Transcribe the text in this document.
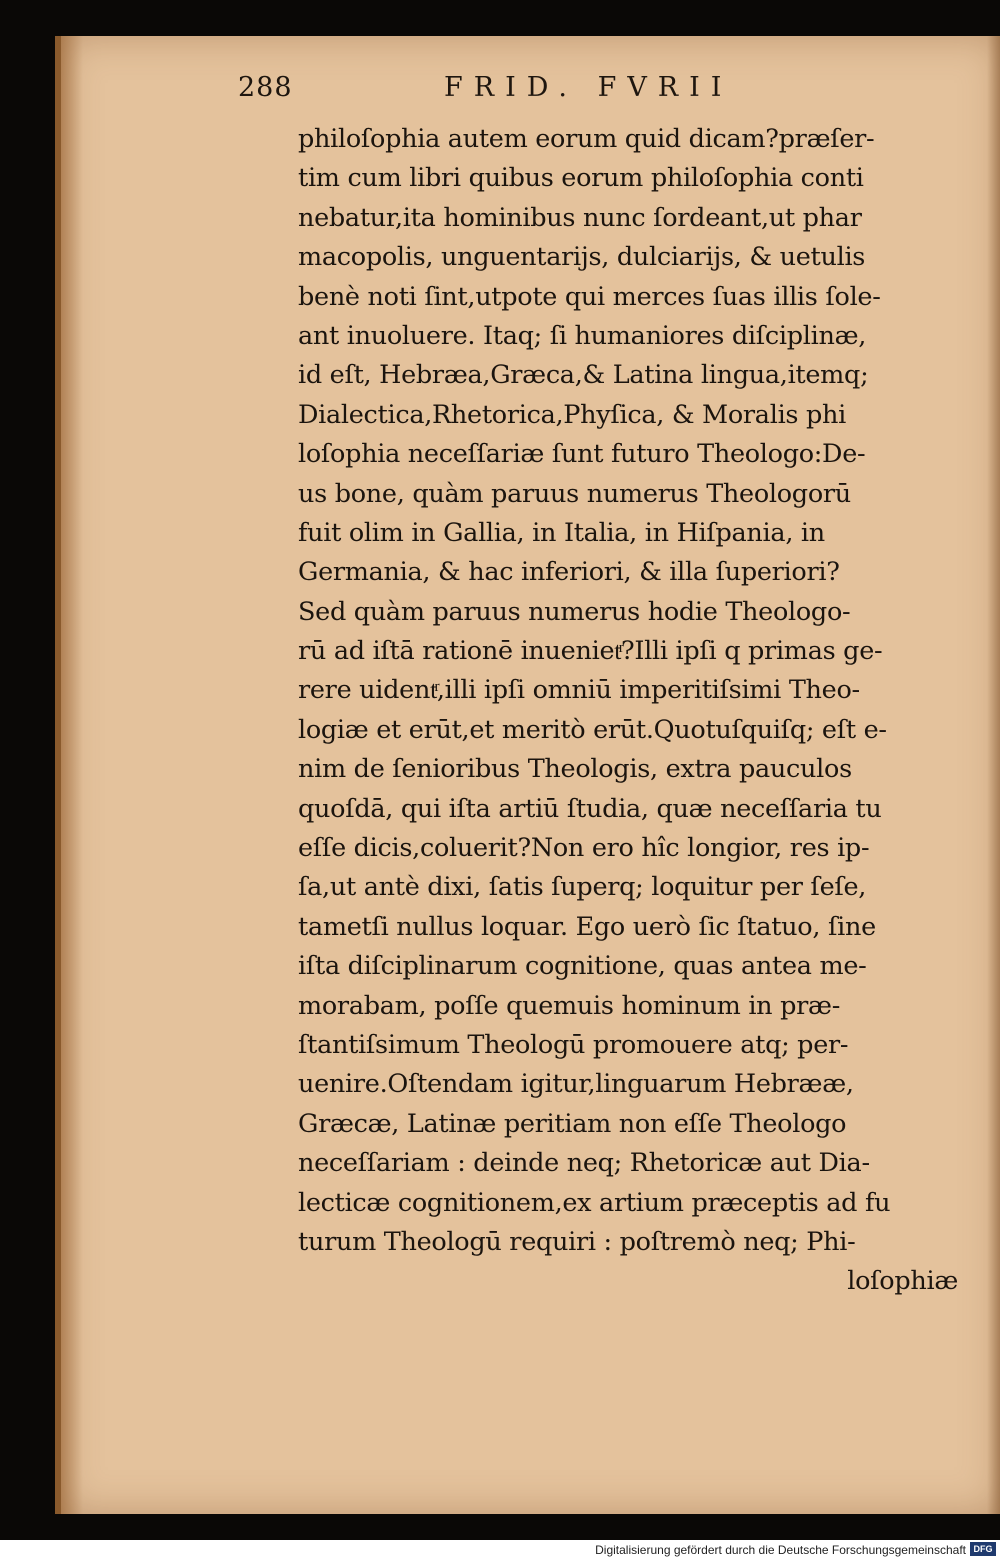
288	FRID. FVRII
philoſophia autem eorum quid dicam?præſer-
tim cum libri quibus eorum philoſophia conti
nebatur,ita hominibus nunc ſordeant,ut phar
macopolis, unguentarijs, dulciarijs, & uetulis
benè noti ſint,utpote qui merces ſuas illis ſole-
ant inuoluere. Itaq; ſi humaniores diſciplinæ,
id eſt, Hebræa,Græca,& Latina lingua,itemq;
Dialectica,Rhetorica,Phyſica, & Moralis phi
loſophia neceſſariæ ſunt futuro Theologo:De-
us bone, quàm paruus numerus Theologorū
fuit olim in Gallia, in Italia, in Hiſpania, in
Germania, & hac inferiori, & illa ſuperiori?
Sed quàm paruus numerus hodie Theologo-
rū ad iſtā rationē inuenietͬ?Illi ipſi q primas ge-
rere uidentͬ,illi ipſi omniū imperitiſsimi Theo-
logiæ et erūt,et meritò erūt.Quotuſquiſq; eſt e-
nim de ſenioribus Theologis, extra pauculos
quoſdā, qui iſta artiū ſtudia, quæ neceſſaria tu
eſſe dicis,coluerit?Non ero hîc longior, res ip-
ſa,ut antè dixi, ſatis ſuperq; loquitur per ſeſe,
tametſi nullus loquar. Ego uerò ſic ſtatuo, ſine
iſta diſciplinarum cognitione, quas antea me-
morabam, poſſe quemuis hominum in præ-
ſtantiſsimum Theologū promouere atq; per-
uenire.Oſtendam igitur,linguarum Hebrææ,
Græcæ, Latinæ peritiam non eſſe Theologo
neceſſariam : deinde neq; Rhetoricæ aut Dia-
lecticæ cognitionem,ex artium præceptis ad fu
turum Theologū requiri : poſtremò neq; Phi-
loſophiæ
Digitalisierung gefördert durch die Deutsche Forschungsgemeinschaft DFG
